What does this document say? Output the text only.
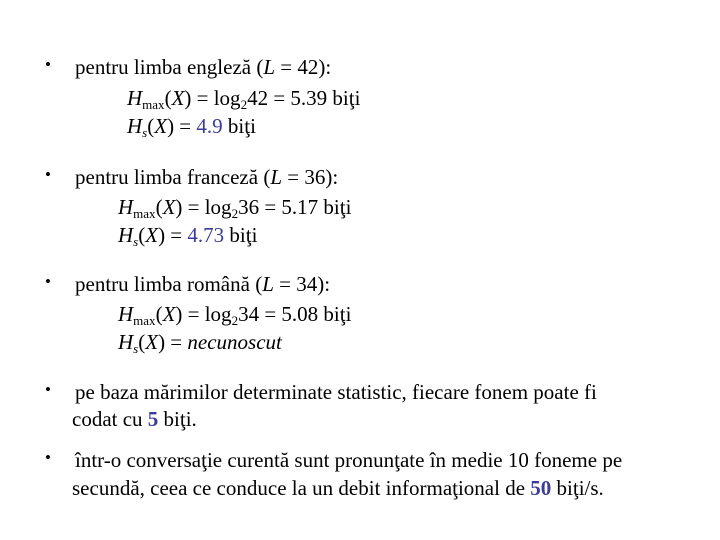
• pentru limba engleză (L = 42):
$H_{max}(X) = \log_242 = 5.39$ biţi
$H_s(X) = 4.9$ biţi
• pentru limba franceză (L = 36):
$H_{max}(X) = \log_236 = 5.17$ biţi
$H_s(X) = 4.73$ biţi
• pentru limba română (L = 34):
$H_{max}(X) = \log_234 = 5.08$ biţi
$H_s(X)$ = necunoscut
• pe baza mărimilor determinate statistic, fiecare fonem poate fi
codat cu 5 biţi.
• într-o conversaţie curentă sunt pronunţate în medie 10 foneme pe
secundă, ceea ce conduce la un debit informaţional de 50 biţi/s.
